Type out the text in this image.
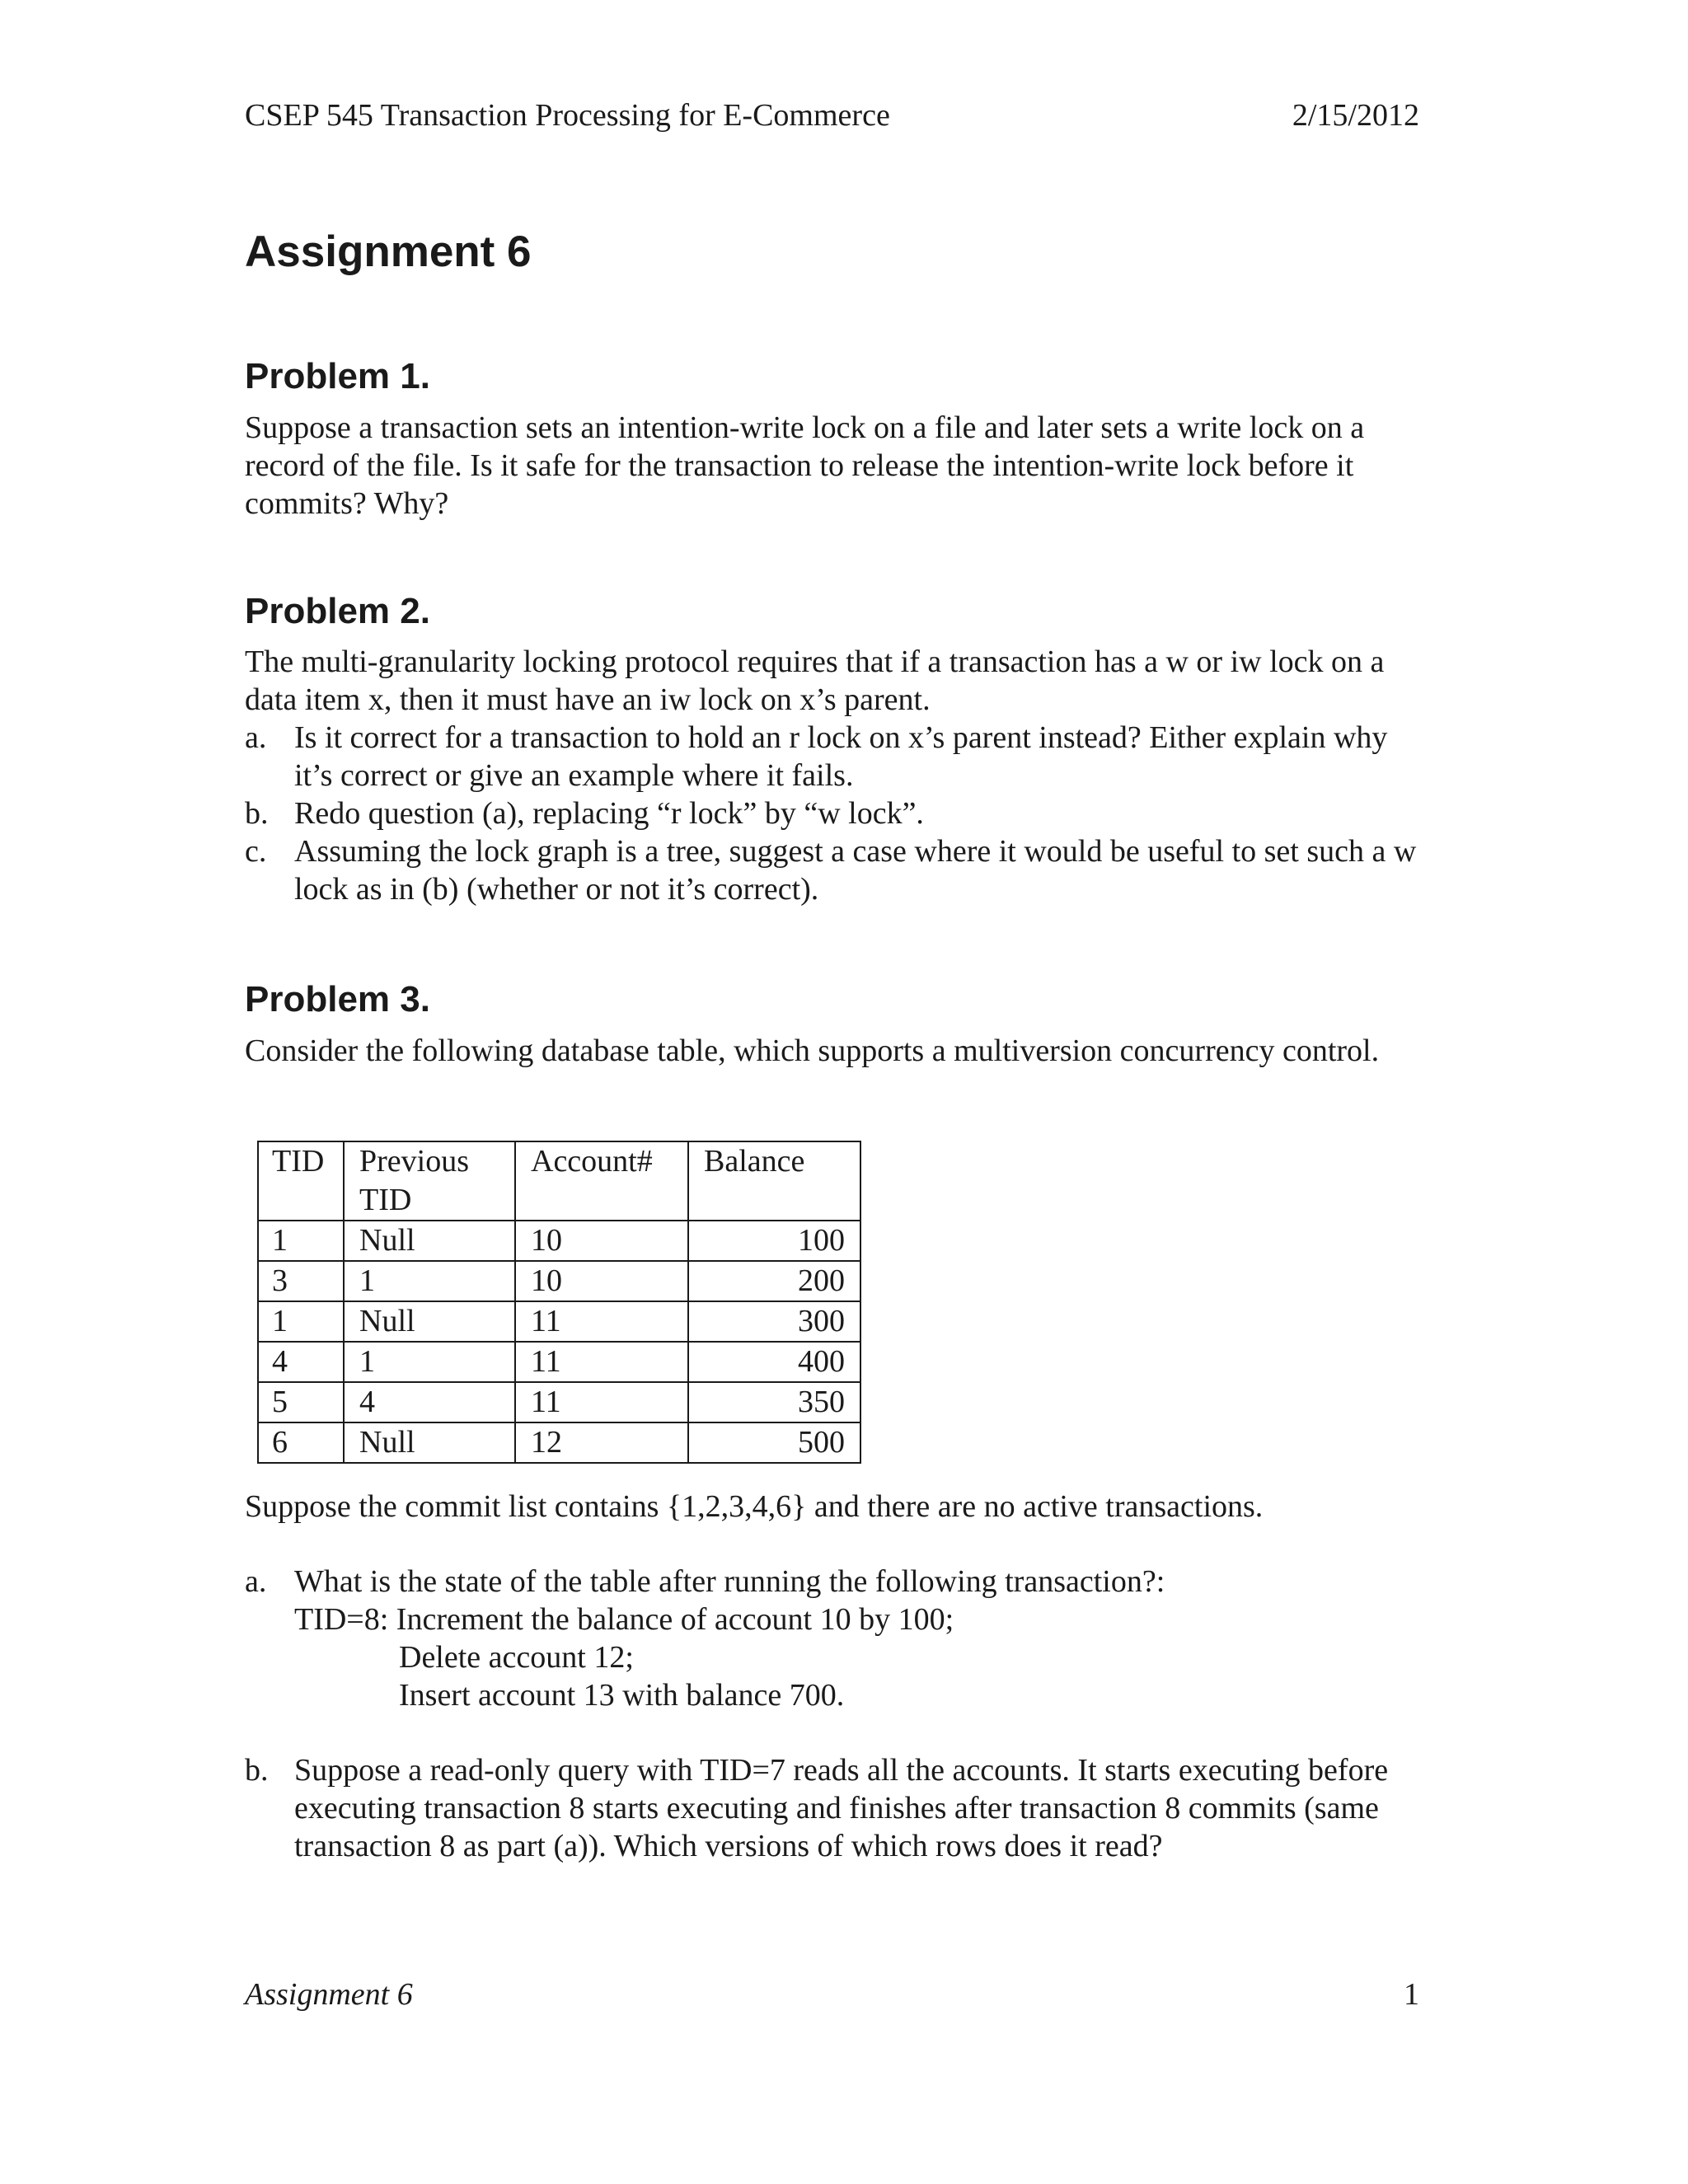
CSEP 545 Transaction Processing for E-Commerce	2/15/2012
Assignment 6
Problem 1.

Suppose a transaction sets an intention-write lock on a file and later sets a write lock on a record of the file. Is it safe for the transaction to release the intention-write lock before it commits? Why?

Problem 2.

The multi-granularity locking protocol requires that if a transaction has a w or iw lock on a data item x, then it must have an iw lock on x’s parent.

a. Is it correct for a transaction to hold an r lock on x’s parent instead? Either explain why it’s correct or give an example where it fails.
b. Redo question (a), replacing “r lock” by “w lock”.
c. Assuming the lock graph is a tree, suggest a case where it would be useful to set such a w lock as in (b) (whether or not it’s correct).
Problem 3.

Consider the following database table, which supports a multiversion concurrency control.

TID	Previous TID	Account#	Balance
1	Null	10	100
3	1	10	200
1	Null	11	300
4	1	11	400
5	4	11	350
6	Null	12	500

Suppose the commit list contains {1,2,3,4,6} and there are no active transactions.

a. What is the state of the table after running the following transaction?:
TID=8: Increment the balance of account 10 by 100;
Delete account 12;
Insert account 13 with balance 700.
b. Suppose a read-only query with TID=7 reads all the accounts. It starts executing before executing transaction 8 starts executing and finishes after transaction 8 commits (same transaction 8 as part (a)). Which versions of which rows does it read?
Assignment 6	1
